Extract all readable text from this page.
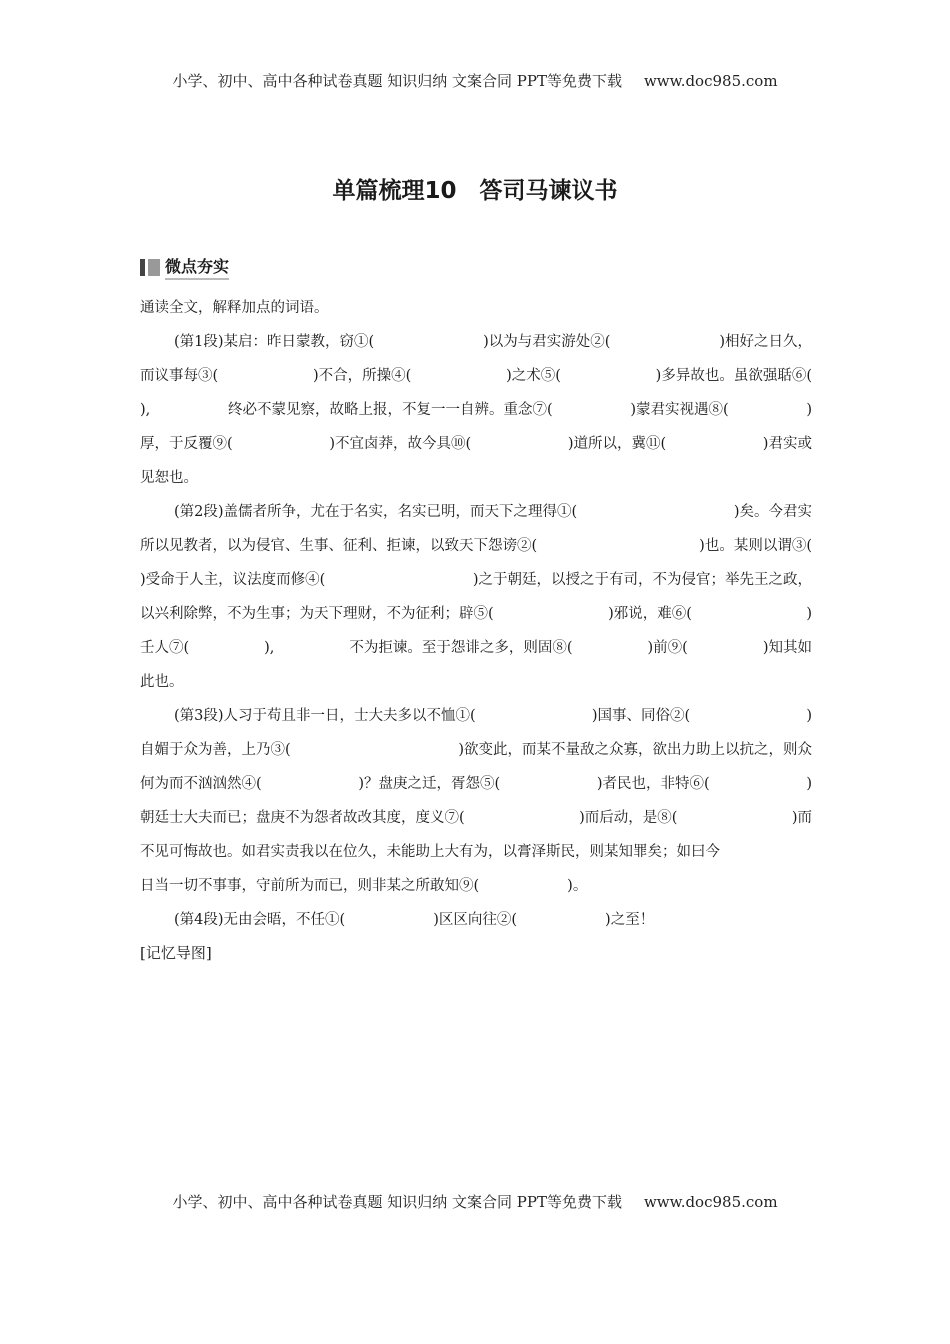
小学、初中、高中各种试卷真题 知识归纳 文案合同 PPT等免费下载 www.doc985.com
单篇梳理10　答司马谏议书
微点夯实
通读全文，解释加点的词语。
(第1段)某启：昨日蒙教，窃①(	)以为与君实游处②(	)相好之日久，
而议事每③(	)不合，所操④(	)之术⑤(	)多异故也。虽欲强聒⑥(
),	终必不蒙见察，故略上报，不复一一自辨。重念⑦(	)蒙君实视遇⑧(	)
厚，于反覆⑨(	)不宜卤莽，故今具⑩(	)道所以，冀⑪(	)君实或
见恕也。
(第2段)盖儒者所争，尤在于名实，名实已明，而天下之理得①(	)矣。今君实
所以见教者，以为侵官、生事、征利、拒谏，以致天下怨谤②(	)也。某则以谓③(
)受命于人主，议法度而修④(	)之于朝廷，以授之于有司，不为侵官；举先王之政，
以兴利除弊，不为生事；为天下理财，不为征利；辟⑤(	)邪说，难⑥(	)
壬人⑦(	),	不为拒谏。至于怨诽之多，则固⑧(	)前⑨(	)知其如
此也。
(第3段)人习于苟且非一日，士大夫多以不恤①(	)国事、同俗②(	)
自媚于众为善，上乃③(	)欲变此，而某不量敌之众寡，欲出力助上以抗之，则众
何为而不汹汹然④(	)？盘庚之迁，胥怨⑤(	)者民也，非特⑥(	)
朝廷士大夫而已；盘庚不为怨者故改其度，度义⑦(	)而后动，是⑧(	)而
不见可悔故也。如君实责我以在位久，未能助上大有为，以膏泽斯民，则某知罪矣；如曰今
日当一切不事事，守前所为而已，则非某之所敢知⑨(	)。
(第4段)无由会晤，不任①(	)区区向往②(	)之至！
[记忆导图]
小学、初中、高中各种试卷真题 知识归纳 文案合同 PPT等免费下载 www.doc985.com
